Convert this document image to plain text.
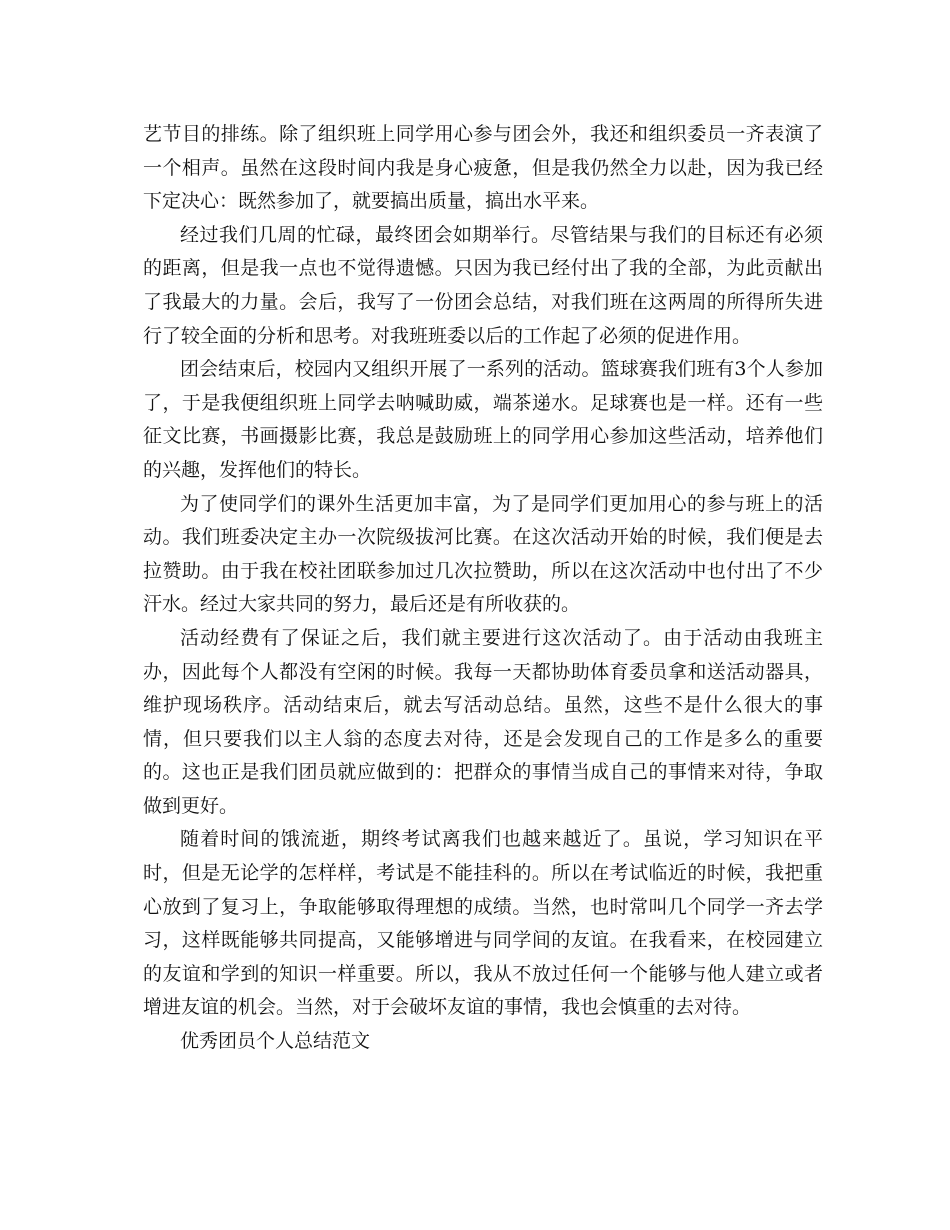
艺节目的排练。除了组织班上同学用心参与团会外，我还和组织委员一齐表演了一个相声。虽然在这段时间内我是身心疲惫，但是我仍然全力以赴，因为我已经下定决心：既然参加了，就要搞出质量，搞出水平来。

经过我们几周的忙碌，最终团会如期举行。尽管结果与我们的目标还有必须的距离，但是我一点也不觉得遗憾。只因为我已经付出了我的全部，为此贡献出了我最大的力量。会后，我写了一份团会总结，对我们班在这两周的所得所失进行了较全面的分析和思考。对我班班委以后的工作起了必须的促进作用。

团会结束后，校园内又组织开展了一系列的活动。篮球赛我们班有3个人参加了，于是我便组织班上同学去呐喊助威，端茶递水。足球赛也是一样。还有一些征文比赛，书画摄影比赛，我总是鼓励班上的同学用心参加这些活动，培养他们的兴趣，发挥他们的特长。

为了使同学们的课外生活更加丰富，为了是同学们更加用心的参与班上的活动。我们班委决定主办一次院级拔河比赛。在这次活动开始的时候，我们便是去拉赞助。由于我在校社团联参加过几次拉赞助，所以在这次活动中也付出了不少汗水。经过大家共同的努力，最后还是有所收获的。

活动经费有了保证之后，我们就主要进行这次活动了。由于活动由我班主办，因此每个人都没有空闲的时候。我每一天都协助体育委员拿和送活动器具，维护现场秩序。活动结束后，就去写活动总结。虽然，这些不是什么很大的事情，但只要我们以主人翁的态度去对待，还是会发现自己的工作是多么的重要的。这也正是我们团员就应做到的：把群众的事情当成自己的事情来对待，争取做到更好。

随着时间的饿流逝，期终考试离我们也越来越近了。虽说，学习知识在平时，但是无论学的怎样样，考试是不能挂科的。所以在考试临近的时候，我把重心放到了复习上，争取能够取得理想的成绩。当然，也时常叫几个同学一齐去学习，这样既能够共同提高，又能够增进与同学间的友谊。在我看来，在校园建立的友谊和学到的知识一样重要。所以，我从不放过任何一个能够与他人建立或者增进友谊的机会。当然，对于会破坏友谊的事情，我也会慎重的去对待。

优秀团员个人总结范文
